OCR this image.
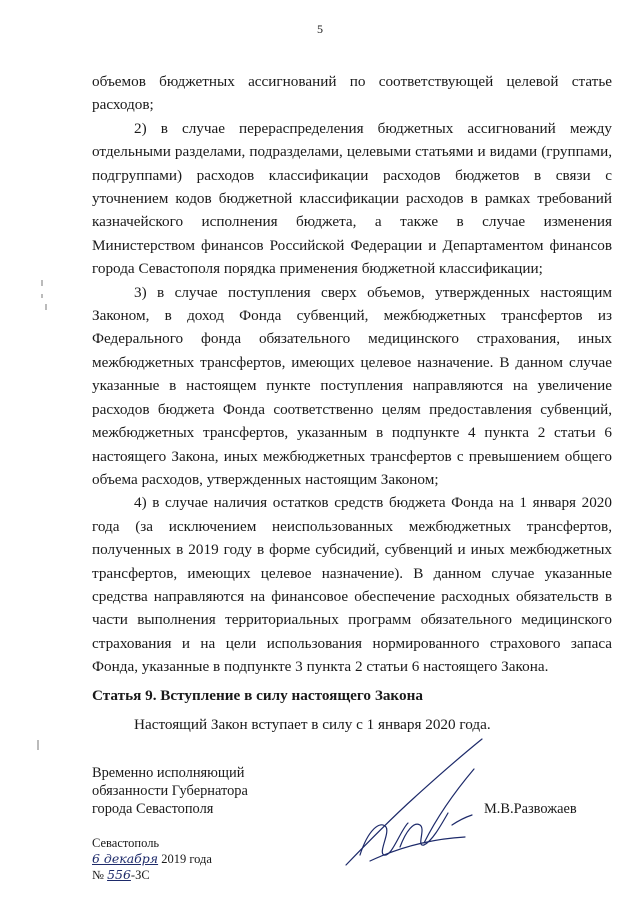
5

объемов бюджетных ассигнований по соответствующей целевой статье расходов;

2) в случае перераспределения бюджетных ассигнований между отдельными разделами, подразделами, целевыми статьями и видами (группами, подгруппами) расходов классификации расходов бюджетов в связи с уточнением кодов бюджетной классификации расходов в рамках требований казначейского исполнения бюджета, а также в случае изменения Министерством финансов Российской Федерации и Департаментом финансов города Севастополя порядка применения бюджетной классификации;

3) в случае поступления сверх объемов, утвержденных настоящим Законом, в доход Фонда субвенций, межбюджетных трансфертов из Федерального фонда обязательного медицинского страхования, иных межбюджетных трансфертов, имеющих целевое назначение. В данном случае указанные в настоящем пункте поступления направляются на увеличение расходов бюджета Фонда соответственно целям предоставления субвенций, межбюджетных трансфертов, указанным в подпункте 4 пункта 2 статьи 6 настоящего Закона, иных межбюджетных трансфертов с превышением общего объема расходов, утвержденных настоящим Законом;

4) в случае наличия остатков средств бюджета Фонда на 1 января 2020 года (за исключением неиспользованных межбюджетных трансфертов, полученных в 2019 году в форме субсидий, субвенций и иных межбюджетных трансфертов, имеющих целевое назначение). В данном случае указанные средства направляются на финансовое обеспечение расходных обязательств в части выполнения территориальных программ обязательного медицинского страхования и на цели использования нормированного страхового запаса Фонда, указанные в подпункте 3 пункта 2 статьи 6 настоящего Закона.

Статья 9. Вступление в силу настоящего Закона
Настоящий Закон вступает в силу с 1 января 2020 года.
Временно исполняющий
обязанности Губернатора
города Севастополя	М.В.Развожаев
Севастополь
6 декабря 2019 года
№ 556-ЗС
